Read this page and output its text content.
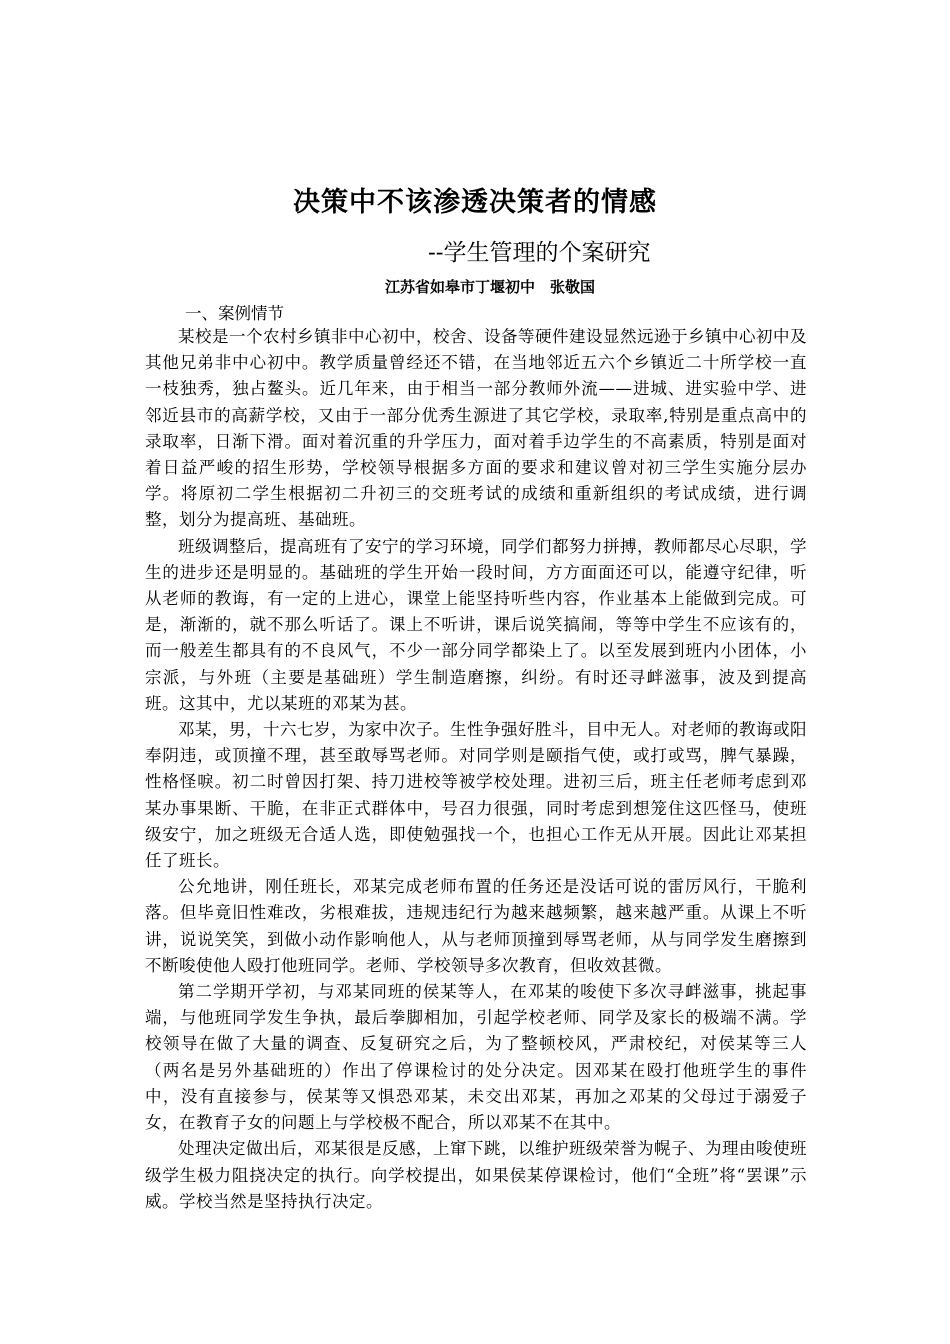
决策中不该渗透决策者的情感
--学生管理的个案研究
江苏省如皋市丁堰初中　张敬国
一、案例情节

某校是一个农村乡镇非中心初中，校舍、设备等硬件建设显然远逊于乡镇中心初中及其他兄弟非中心初中。教学质量曾经还不错，在当地邻近五六个乡镇近二十所学校一直一枝独秀，独占鳌头。近几年来，由于相当一部分教师外流——进城、进实验中学、进邻近县市的高薪学校，又由于一部分优秀生源进了其它学校，录取率,特别是重点高中的录取率，日渐下滑。面对着沉重的升学压力，面对着手边学生的不高素质，特别是面对着日益严峻的招生形势，学校领导根据多方面的要求和建议曾对初三学生实施分层办学。将原初二学生根据初二升初三的交班考试的成绩和重新组织的考试成绩，进行调整，划分为提高班、基础班。

班级调整后，提高班有了安宁的学习环境，同学们都努力拼搏，教师都尽心尽职，学生的进步还是明显的。基础班的学生开始一段时间，方方面面还可以，能遵守纪律，听从老师的教诲，有一定的上进心，课堂上能坚持听些内容，作业基本上能做到完成。可是，渐渐的，就不那么听话了。课上不听讲，课后说笑搞闹，等等中学生不应该有的，而一般差生都具有的不良风气，不少一部分同学都染上了。以至发展到班内小团体，小宗派，与外班（主要是基础班）学生制造磨擦，纠纷。有时还寻衅滋事，波及到提高班。这其中，尤以某班的邓某为甚。

邓某，男，十六七岁，为家中次子。生性争强好胜斗，目中无人。对老师的教诲或阳奉阴违，或顶撞不理，甚至敢辱骂老师。对同学则是颐指气使，或打或骂，脾气暴躁，性格怪唳。初二时曾因打架、持刀进校等被学校处理。进初三后，班主任老师考虑到邓某办事果断、干脆，在非正式群体中，号召力很强，同时考虑到想笼住这匹怪马，使班级安宁，加之班级无合适人选，即使勉强找一个，也担心工作无从开展。因此让邓某担任了班长。

公允地讲，刚任班长，邓某完成老师布置的任务还是没话可说的雷厉风行，干脆利落。但毕竟旧性难改，劣根难拔，违规违纪行为越来越频繁，越来越严重。从课上不听讲，说说笑笑，到做小动作影响他人，从与老师顶撞到辱骂老师，从与同学发生磨擦到不断唆使他人殴打他班同学。老师、学校领导多次教育，但收效甚微。

第二学期开学初，与邓某同班的侯某等人，在邓某的唆使下多次寻衅滋事，挑起事端，与他班同学发生争执，最后拳脚相加，引起学校老师、同学及家长的极端不满。学校领导在做了大量的调查、反复研究之后，为了整顿校风，严肃校纪，对侯某等三人（两名是另外基础班的）作出了停课检讨的处分决定。因邓某在殴打他班学生的事件中，没有直接参与，侯某等又惧恐邓某，未交出邓某，再加之邓某的父母过于溺爱子女，在教育子女的问题上与学校极不配合，所以邓某不在其中。

处理决定做出后，邓某很是反感，上窜下跳，以维护班级荣誉为幌子、为理由唆使班级学生极力阻挠决定的执行。向学校提出，如果侯某停课检讨，他们“全班”将“罢课”示威。学校当然是坚持执行决定。
